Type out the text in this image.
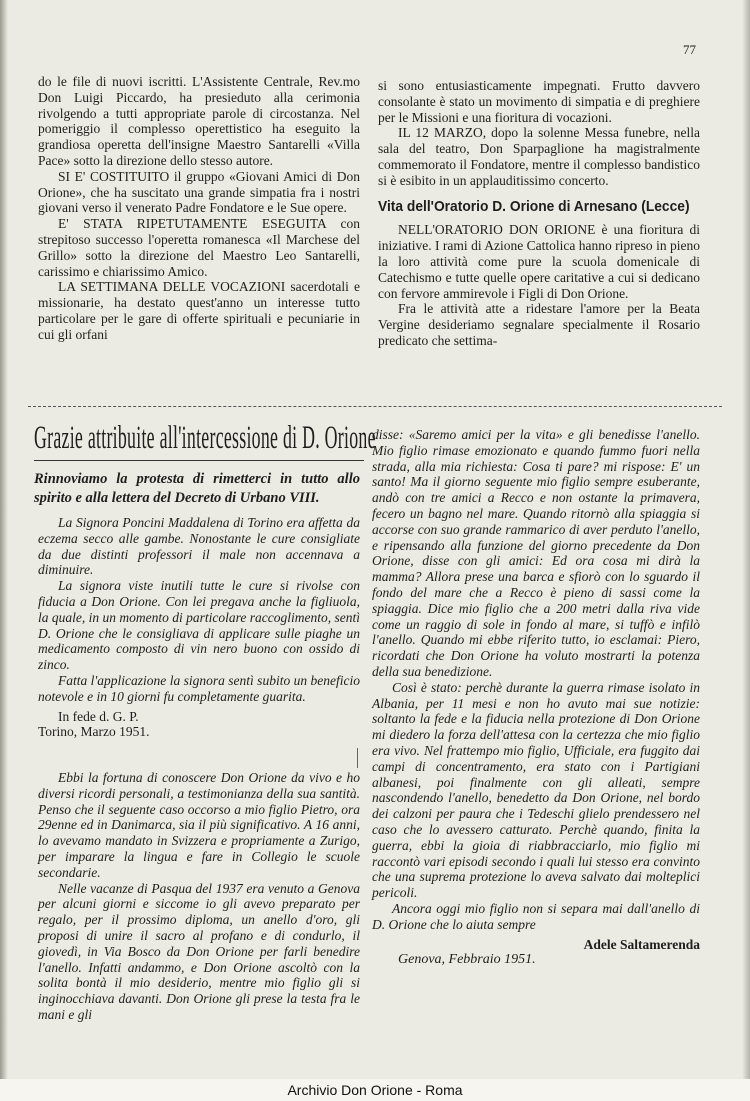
77

do le file di nuovi iscritti. L'Assistente Centrale, Rev.mo Don Luigi Piccardo, ha presieduto alla cerimonia rivolgendo a tutti appropriate parole di circostanza. Nel pomeriggio il complesso operettistico ha eseguito la grandiosa operetta dell'insigne Maestro Santarelli «Villa Pace» sotto la direzione dello stesso autore.

SI E' COSTITUITO il gruppo «Giovani Amici di Don Orione», che ha suscitato una grande simpatia fra i nostri giovani verso il venerato Padre Fondatore e le Sue opere.

E' STATA RIPETUTAMENTE ESEGUITA con strepitoso successo l'operetta romanesca «Il Marchese del Grillo» sotto la direzione del Maestro Leo Santarelli, carissimo e chiarissimo Amico.

LA SETTIMANA DELLE VOCAZIONI sacerdotali e missionarie, ha destato quest'anno un interesse tutto particolare per le gare di offerte spirituali e pecuniarie in cui gli orfani

si sono entusiasticamente impegnati. Frutto davvero consolante è stato un movimento di simpatia e di preghiere per le Missioni e una fioritura di vocazioni.

IL 12 MARZO, dopo la solenne Messa funebre, nella sala del teatro, Don Sparpaglione ha magistralmente commemorato il Fondatore, mentre il complesso bandistico si è esibito in un applauditissimo concerto.

Vita dell'Oratorio D. Orione di Arnesano (Lecce)

NELL'ORATORIO DON ORIONE è una fioritura di iniziative. I rami di Azione Cattolica hanno ripreso in pieno la loro attività come pure la scuola domenicale di Catechismo e tutte quelle opere caritative a cui si dedicano con fervore ammirevole i Figli di Don Orione.

Fra le attività atte a ridestare l'amore per la Beata Vergine desideriamo segnalare specialmente il Rosario predicato che settima-

Grazie attribuite all'intercessione di D. Orione
Rinnoviamo la protesta di rimetterci in tutto allo spirito e alla lettera del Decreto di Urbano VIII.

La Signora Poncini Maddalena di Torino era affetta da eczema secco alle gambe. Nonostante le cure consigliate da due distinti professori il male non accennava a diminuire.

La signora viste inutili tutte le cure si rivolse con fiducia a Don Orione. Con lei pregava anche la figliuola, la quale, in un momento di particolare raccoglimento, sentì D. Orione che le consigliava di applicare sulle piaghe un medicamento composto di vin nero buono con ossido di zinco.

Fatta l'applicazione la signora sentì subito un beneficio notevole e in 10 giorni fu completamente guarita.

In fede d. G. P.

Torino, Marzo 1951.

Ebbi la fortuna di conoscere Don Orione da vivo e ho diversi ricordi personali, a testimonianza della sua santità. Penso che il seguente caso occorso a mio figlio Pietro, ora 29enne ed in Danimarca, sia il più significativo. A 16 anni, lo avevamo mandato in Svizzera e propriamente a Zurigo, per imparare la lingua e fare in Collegio le scuole secondarie.

Nelle vacanze di Pasqua del 1937 era venuto a Genova per alcuni giorni e siccome io gli avevo preparato per regalo, per il prossimo diploma, un anello d'oro, gli proposi di unire il sacro al profano e di condurlo, il giovedì, in Via Bosco da Don Orione per farli benedire l'anello. Infatti andammo, e Don Orione ascoltò con la solita bontà il mio desiderio, mentre mio figlio gli si inginocchiava davanti. Don Orione gli prese la testa fra le mani e gli

disse: «Saremo amici per la vita» e gli benedisse l'anello. Mio figlio rimase emozionato e quando fummo fuori nella strada, alla mia richiesta: Cosa ti pare? mi rispose: E' un santo! Ma il giorno seguente mio figlio sempre esuberante, andò con tre amici a Recco e non ostante la primavera, fecero un bagno nel mare. Quando ritornò alla spiaggia si accorse con suo grande rammarico di aver perduto l'anello, e ripensando alla funzione del giorno precedente da Don Orione, disse con gli amici: Ed ora cosa mi dirà la mamma? Allora prese una barca e sfiorò con lo sguardo il fondo del mare che a Recco è pieno di sassi come la spiaggia. Dice mio figlio che a 200 metri dalla riva vide come un raggio di sole in fondo al mare, si tuffò e infilò l'anello. Quando mi ebbe riferito tutto, io esclamai: Piero, ricordati che Don Orione ha voluto mostrarti la potenza della sua benedizione.

Così è stato: perchè durante la guerra rimase isolato in Albania, per 11 mesi e non ho avuto mai sue notizie: soltanto la fede e la fiducia nella protezione di Don Orione mi diedero la forza dell'attesa con la certezza che mio figlio era vivo. Nel frattempo mio figlio, Ufficiale, era fuggito dai campi di concentramento, era stato con i Partigiani albanesi, poi finalmente con gli alleati, sempre nascondendo l'anello, benedetto da Don Orione, nel bordo dei calzoni per paura che i Tedeschi glielo prendessero nel caso che lo avessero catturato. Perchè quando, finita la guerra, ebbi la gioia di riabbracciarlo, mio figlio mi raccontò vari episodi secondo i quali lui stesso era convinto che una suprema protezione lo aveva salvato dai molteplici pericoli.

Ancora oggi mio figlio non si separa mai dall'anello di D. Orione che lo aiuta sempre

Adele Saltamerenda

Genova, Febbraio 1951.

Archivio Don Orione - Roma
